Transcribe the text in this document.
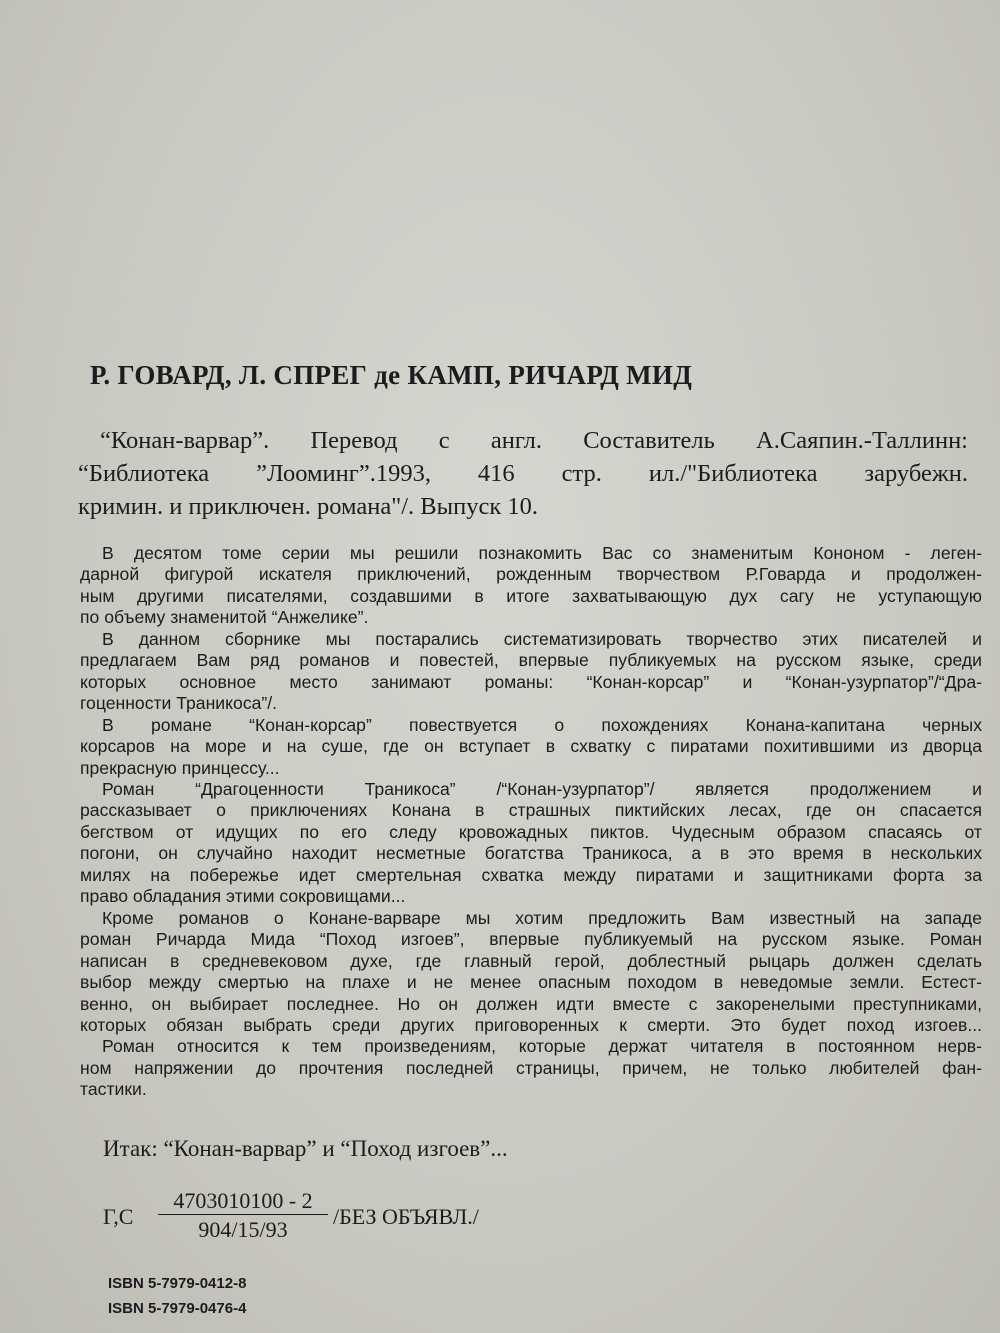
Р. ГОВАРД, Л. СПРЕГ де КАМП, РИЧАРД МИД
“Конан-варвар”. Перевод с англ. Составитель А.Саяпин.-Таллинн:
“Библиотека ”Лооминг”.1993, 416 стр. ил./"Библиотека зарубежн.
кримин. и приключен. романа"/. Выпуск 10.
В десятом томе серии мы решили познакомить Вас со знаменитым Кононом - леген-
дарной фигурой искателя приключений, рожденным творчеством Р.Говарда и продолжен-
ным другими писателями, создавшими в итоге захватывающую дух сагу не уступающую
по объему знаменитой “Анжелике”.
В данном сборнике мы постарались систематизировать творчество этих писателей и
предлагаем Вам ряд романов и повестей, впервые публикуемых на русском языке, среди
которых основное место занимают романы: “Конан-корсар” и “Конан-узурпатор”/“Дра-
гоценности Траникоса”/.
В романе “Конан-корсар” повествуется о похождениях Конана-капитана черных
корсаров на море и на суше, где он вступает в схватку с пиратами похитившими из дворца
прекрасную принцессу...
Роман “Драгоценности Траникоса” /“Конан-узурпатор”/ является продолжением и
рассказывает о приключениях Конана в страшных пиктийских лесах, где он спасается
бегством от идущих по его следу кровожадных пиктов. Чудесным образом спасаясь от
погони, он случайно находит несметные богатства Траникоса, а в это время в нескольких
милях на побережье идет смертельная схватка между пиратами и защитниками форта за
право обладания этими сокровищами...
Кроме романов о Конане-варваре мы хотим предложить Вам известный на западе
роман Ричарда Мида “Поход изгоев”, впервые публикуемый на русском языке. Роман
написан в средневековом духе, где главный герой, доблестный рыцарь должен сделать
выбор между смертью на плахе и не менее опасным походом в неведомые земли. Естест-
венно, он выбирает последнее. Но он должен идти вместе с закоренелыми преступниками,
которых обязан выбрать среди других приговоренных к смерти. Это будет поход изгоев...
Роман относится к тем произведениям, которые держат читателя в постоянном нерв-
ном напряжении до прочтения последней страницы, причем, не только любителей фан-
тастики.
Итак: “Конан-варвар” и “Поход изгоев”...
$Г,С \frac{4703010100 - 2}{904/15/93} /БЕЗ$ ОБЪЯВЛ./
ISBN 5-7979-0412-8
ISBN 5-7979-0476-4
